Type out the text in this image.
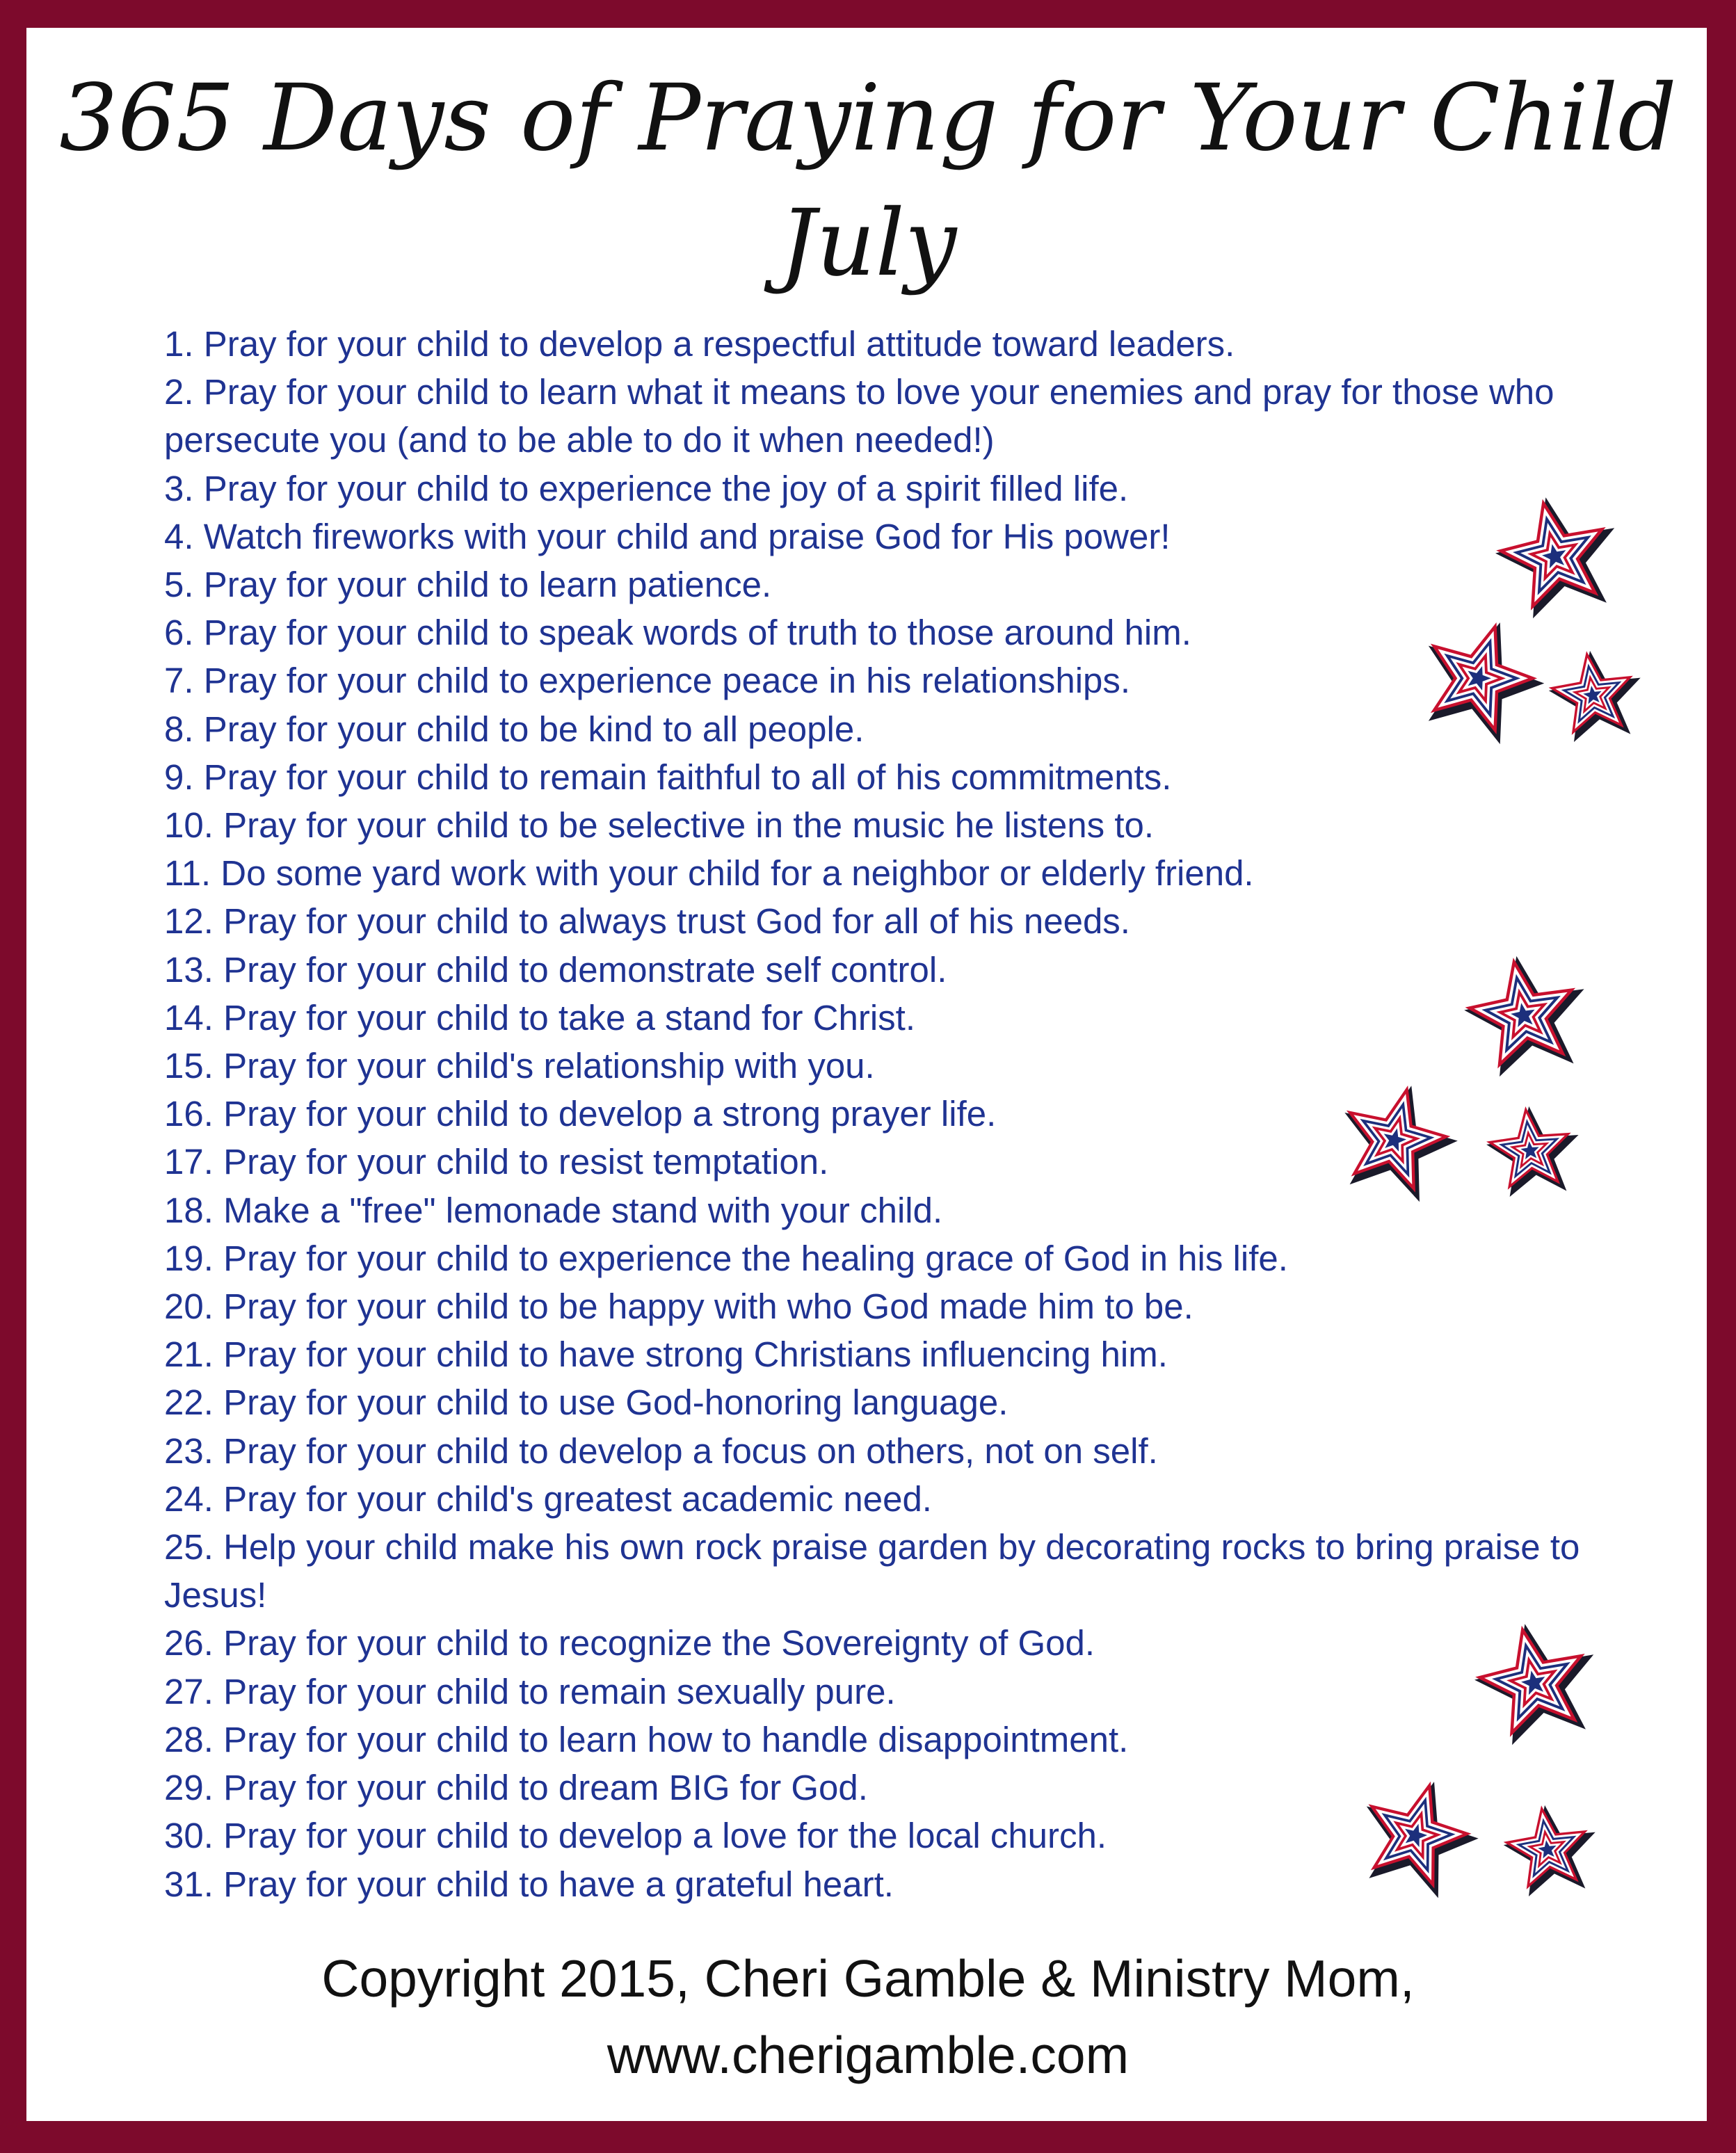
365 Days of Praying for Your Child
July
1. Pray for your child to develop a respectful attitude toward leaders.
2. Pray for your child to learn what it means to love your enemies and pray for those who persecute you (and to be able to do it when needed!)
3. Pray for your child to experience the joy of a spirit filled life.
4. Watch fireworks with your child and praise God for His power!
5. Pray for your child to learn patience.
6. Pray for your child to speak words of truth to those around him.
7. Pray for your child to experience peace in his relationships.
8. Pray for your child to be kind to all people.
9. Pray for your child to remain faithful to all of his commitments.
10. Pray for your child to be selective in the music he listens to.
11. Do some yard work with your child for a neighbor or elderly friend.
12. Pray for your child to always trust God for all of his needs.
13. Pray for your child to demonstrate self control.
14. Pray for your child to take a stand for Christ.
15. Pray for your child's relationship with you.
16. Pray for your child to develop a strong prayer life.
17. Pray for your child to resist temptation.
18. Make a "free" lemonade stand with your child.
19. Pray for your child to experience the healing grace of God in his life.
20. Pray for your child to be happy with who God made him to be.
21. Pray for your child to have strong Christians influencing him.
22. Pray for your child to use God-honoring language.
23. Pray for your child to develop a focus on others, not on self.
24. Pray for your child's greatest academic need.
25. Help your child make his own rock praise garden by decorating rocks to bring praise to Jesus!
26. Pray for your child to recognize the Sovereignty of God.
27. Pray for your child to remain sexually pure.
28. Pray for your child to learn how to handle disappointment.
29. Pray for your child to dream BIG for God.
30. Pray for your child to develop a love for the local church.
31. Pray for your child to have a grateful heart.
Copyright 2015, Cheri Gamble & Ministry Mom,
www.cherigamble.com
